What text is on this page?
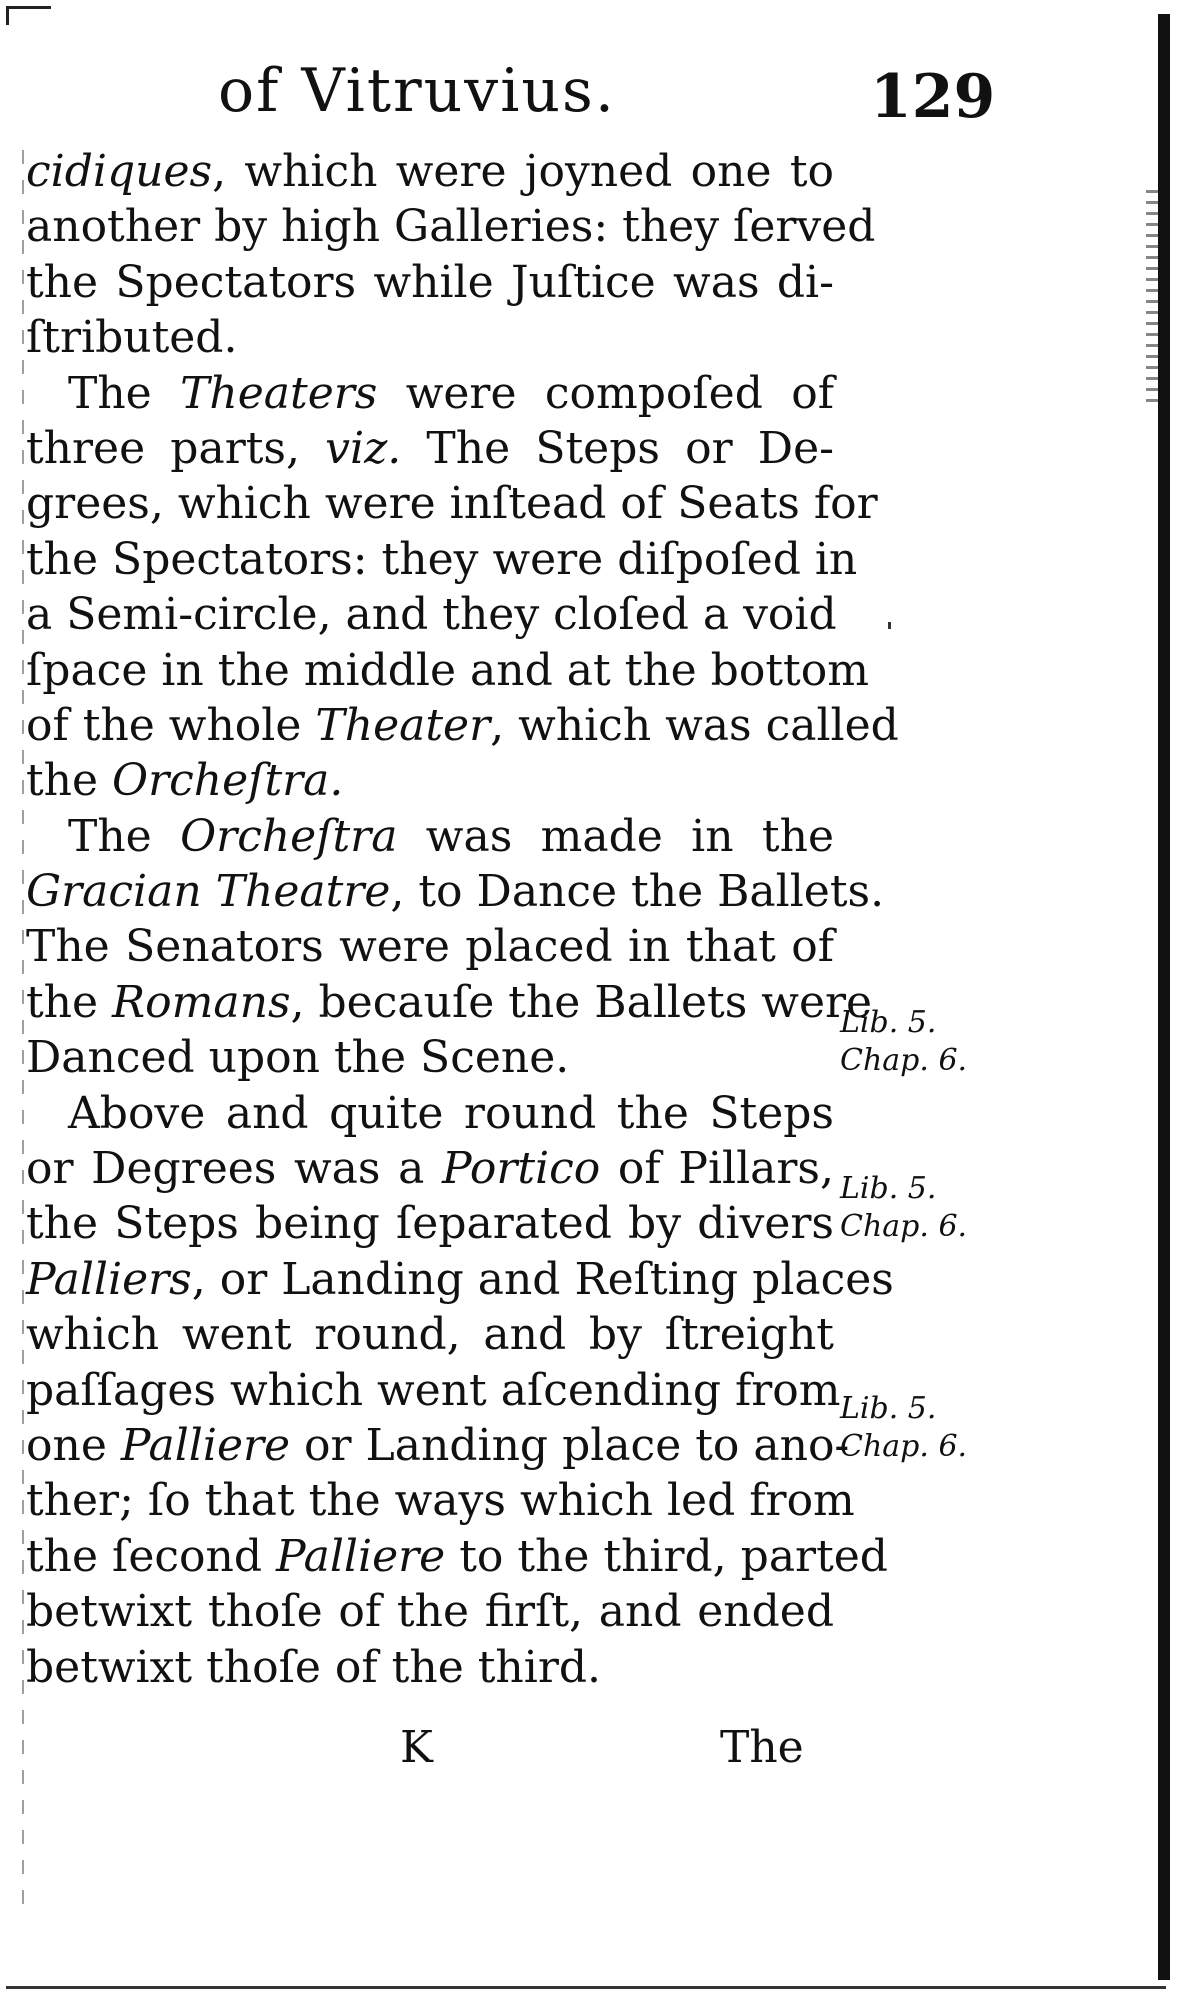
of Vitruvius.	129
cidiques, which were joyned one to
another by high Galleries: they ſerved
the Spectators while Juſtice was di-
ſtributed.
The Theaters were compoſed of
three parts, viz. The Steps or De-
grees, which were inſtead of Seats for
the Spectators: they were diſpoſed in
a Semi-circle, and they cloſed a void
ſpace in the middle and at the bottom
of the whole Theater, which was called
the Orcheſtra.
The Orcheſtra was made in the
Gracian Theatre, to Dance the Ballets.
The Senators were placed in that of
the Romans, becauſe the Ballets were
Danced upon the Scene.
Above and quite round the Steps
or Degrees was a Portico of Pillars,
the Steps being ſeparated by divers
Palliers, or Landing and Reſting places
which went round, and by ſtreight
paſſages which went aſcending from
one Palliere or Landing place to ano-
ther; ſo that the ways which led from
the ſecond Palliere to the third, parted
betwixt thoſe of the firſt, and ended
betwixt thoſe of the third.
Lib. 5.
Chap. 6.
Lib. 5.
Chap. 6.
Lib. 5.
Chap. 6.
K	The
